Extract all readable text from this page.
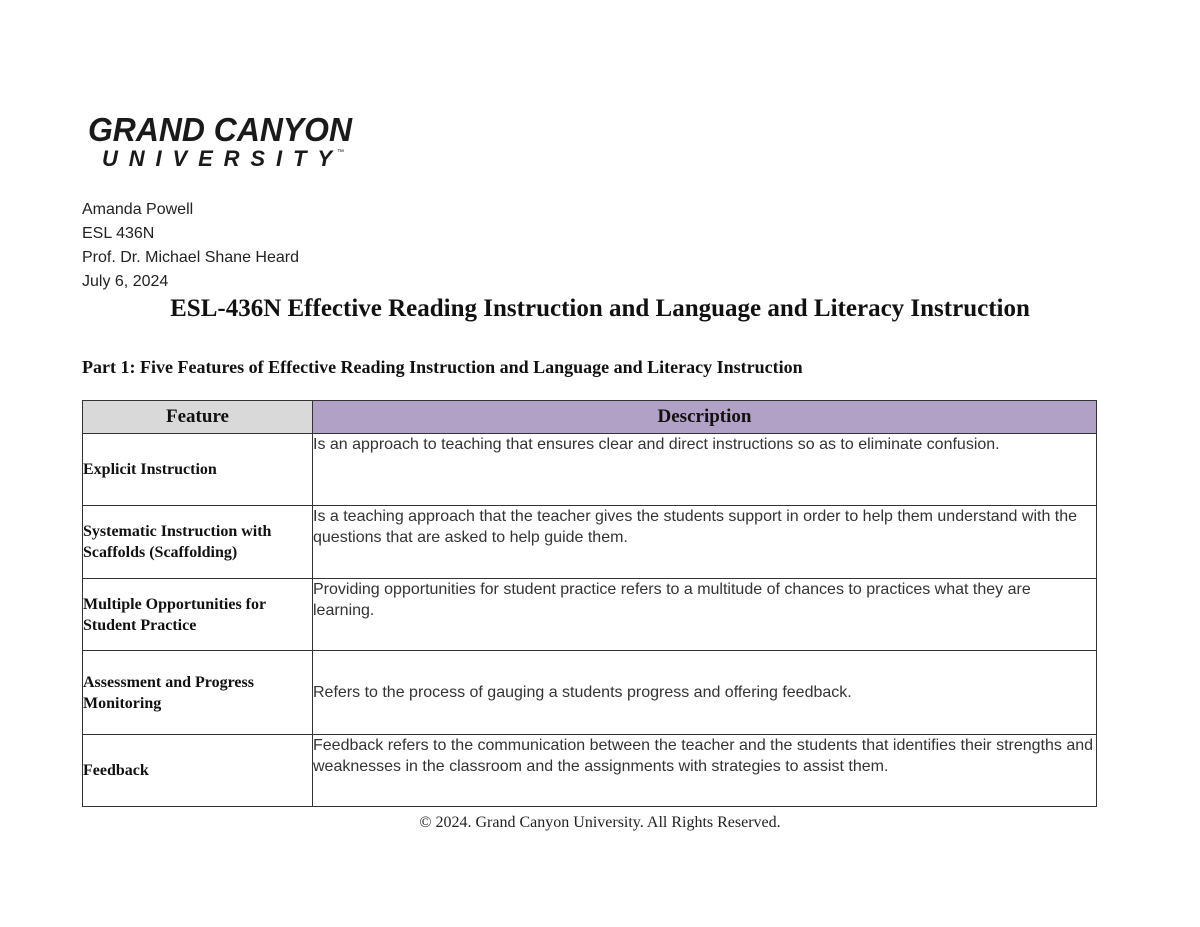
GRAND CANYON
UNIVERSITY ™
Amanda Powell
ESL 436N
Prof. Dr. Michael Shane Heard
July 6, 2024
ESL-436N Effective Reading Instruction and Language and Literacy Instruction
Part 1: Five Features of Effective Reading Instruction and Language and Literacy Instruction
Feature	Description
Explicit Instruction	Is an approach to teaching that ensures clear and direct instructions so as to eliminate confusion.
Systematic Instruction with Scaffolds (Scaffolding)	Is a teaching approach that the teacher gives the students support in order to help them understand with the questions that are asked to help guide them.
Multiple Opportunities for Student Practice	Providing opportunities for student practice refers to a multitude of chances to practices what they are learning.
Assessment and Progress Monitoring	Refers to the process of gauging a students progress and offering feedback.
Feedback	Feedback refers to the communication between the teacher and the students that identifies their strengths and weaknesses in the classroom and the assignments with strategies to assist them.
© 2024. Grand Canyon University. All Rights Reserved.
